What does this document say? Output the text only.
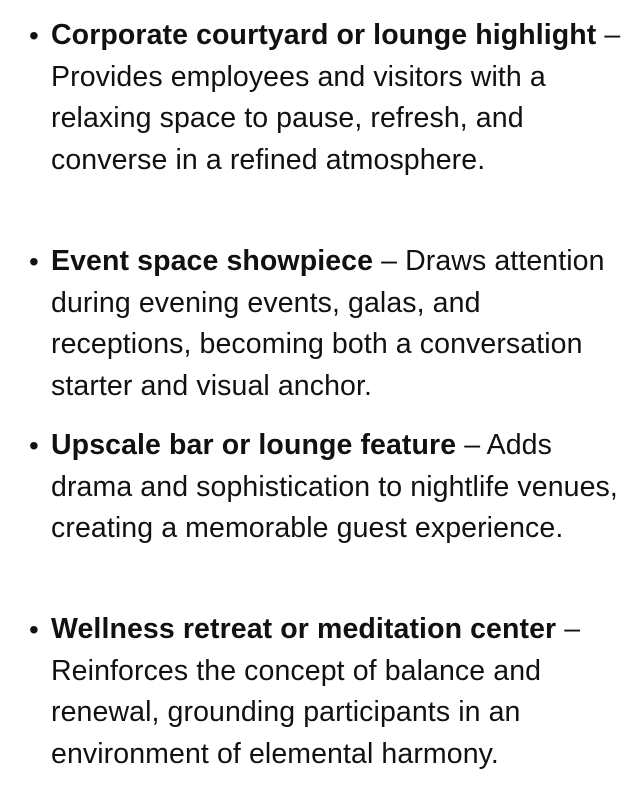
• Corporate courtyard or lounge highlight – Provides employees and visitors with a relaxing space to pause, refresh, and converse in a refined atmosphere.
• Event space showpiece – Draws attention during evening events, galas, and receptions, becoming both a conversation starter and visual anchor.
• Upscale bar or lounge feature – Adds drama and sophistication to nightlife venues, creating a memorable guest experience.
• Wellness retreat or meditation center – Reinforces the concept of balance and renewal, grounding participants in an environment of elemental harmony.
